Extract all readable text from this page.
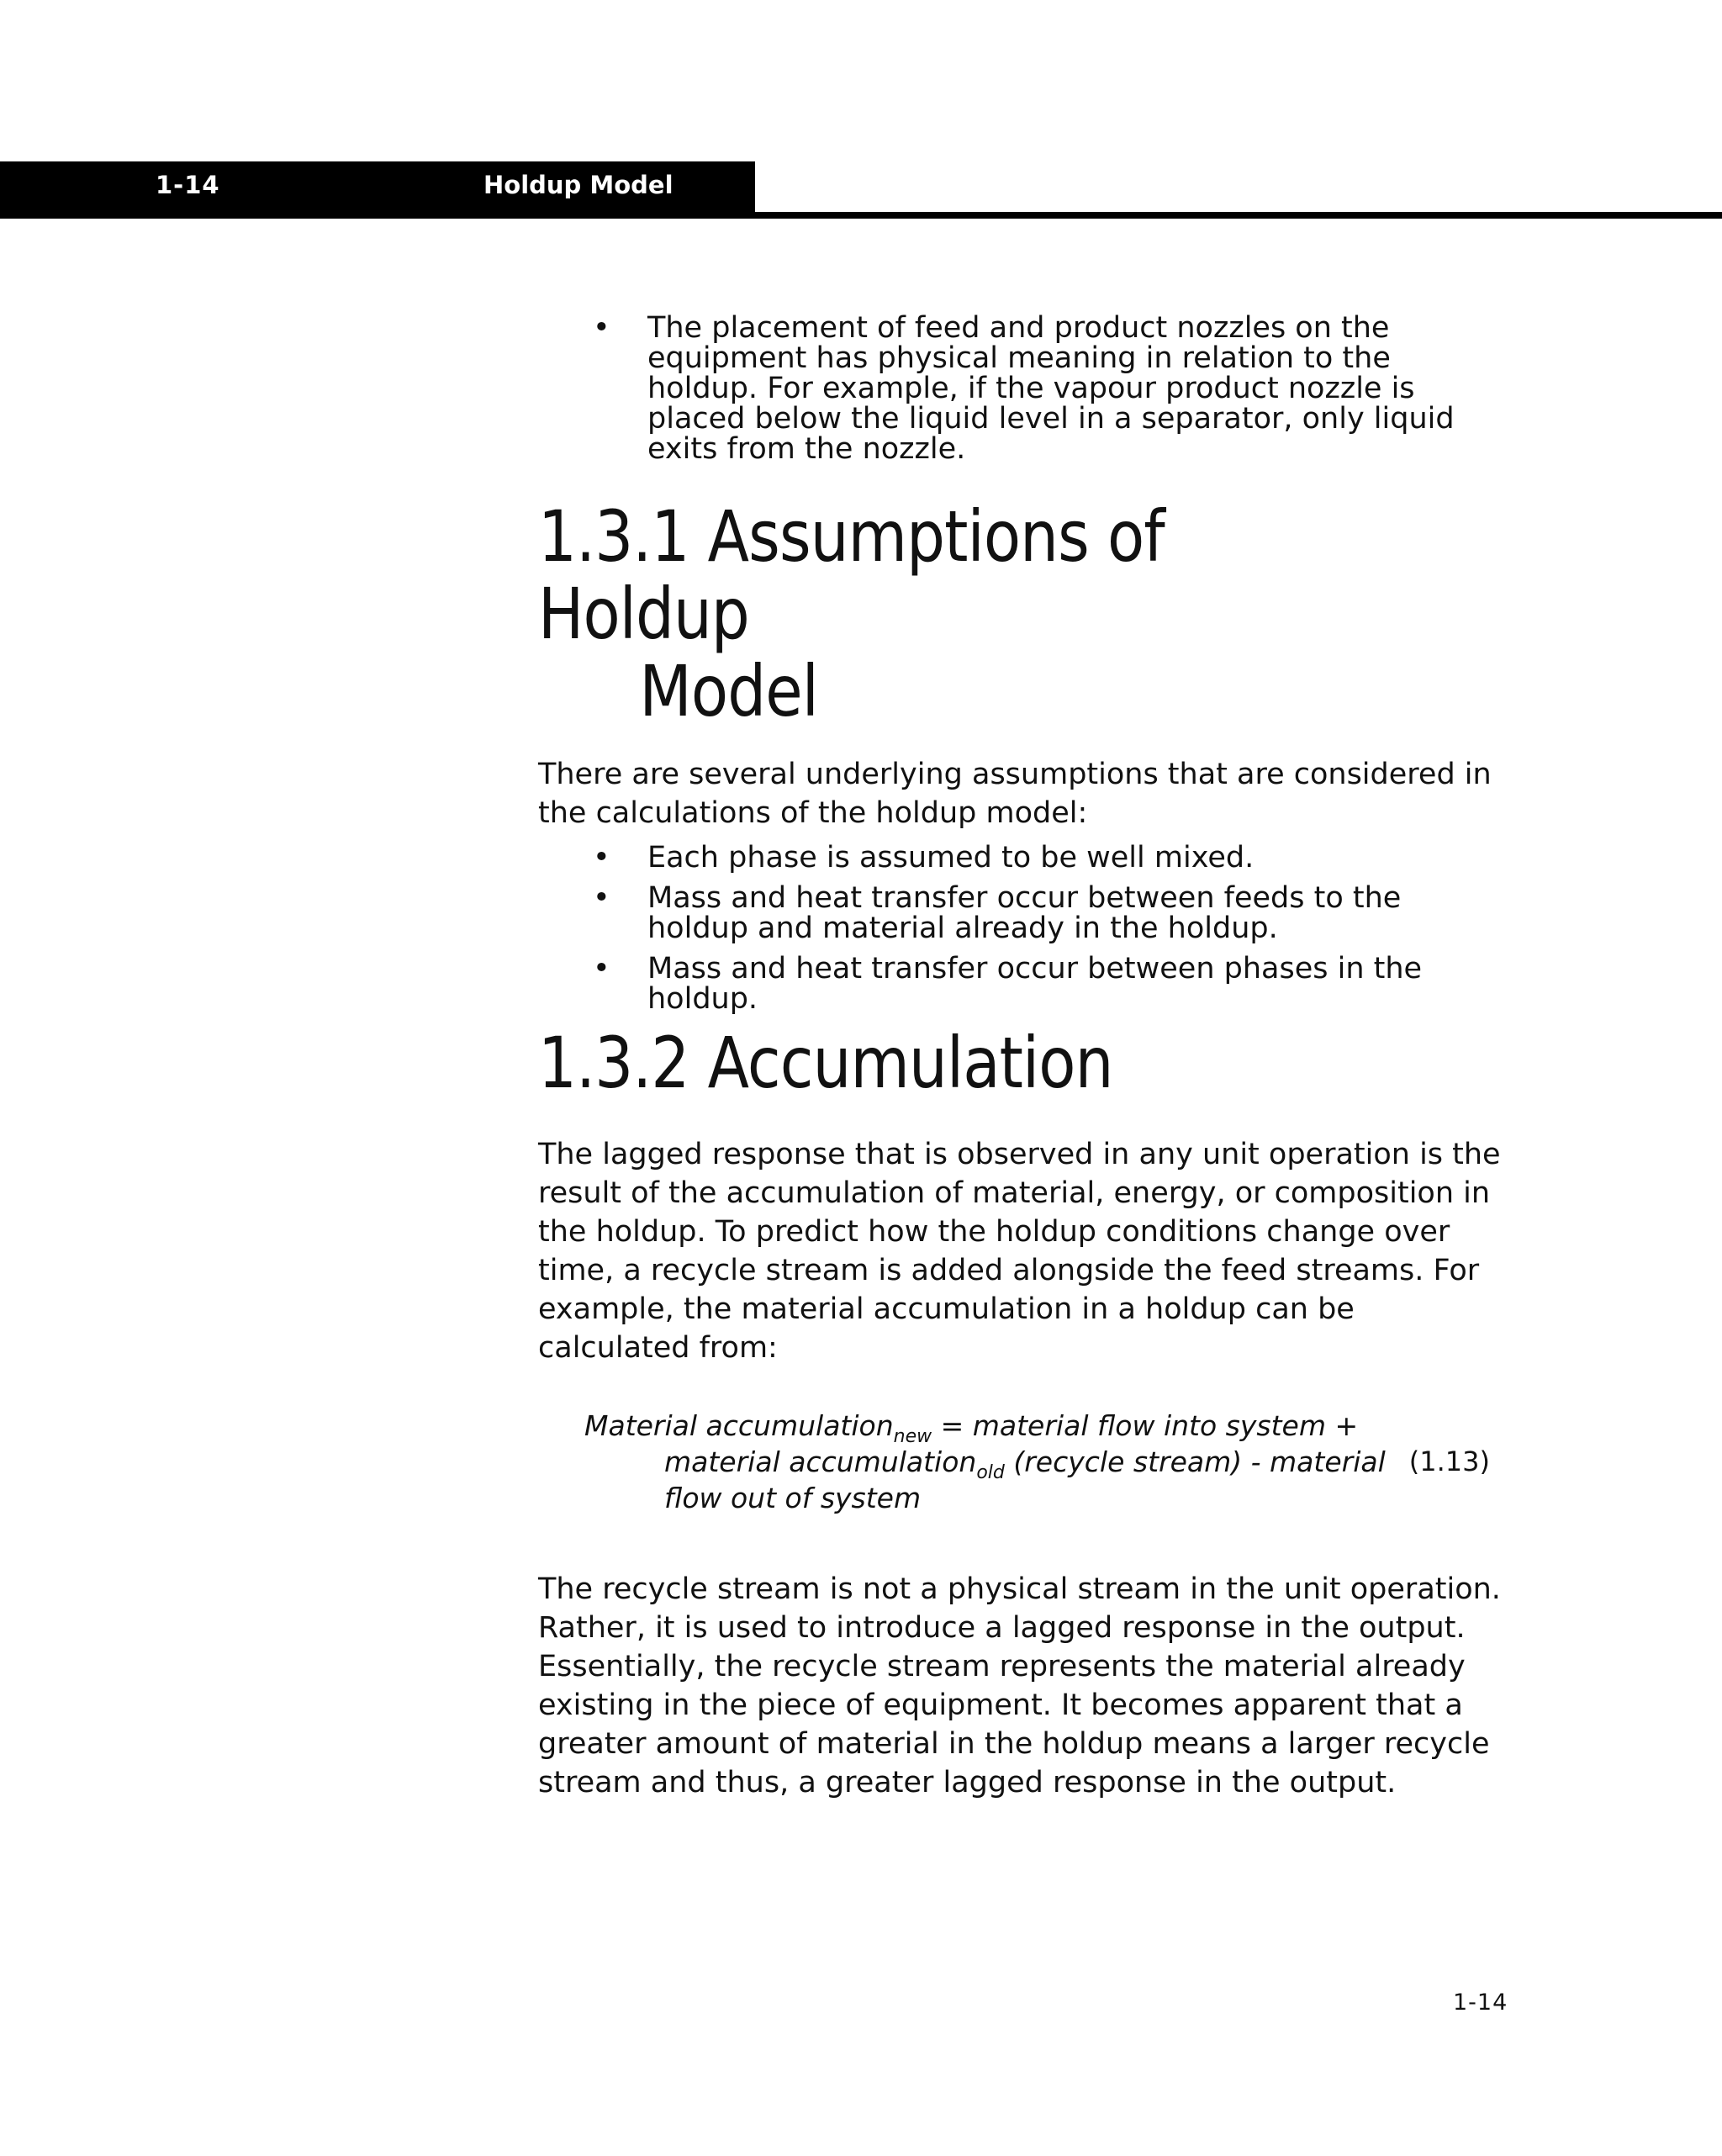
1-14	Holdup Model
• The placement of feed and product nozzles on the equipment has physical meaning in relation to the holdup. For example, if the vapour product nozzle is placed below the liquid level in a separator, only liquid exits from the nozzle.
1.3.1 Assumptions of Holdup
Model

There are several underlying assumptions that are considered in the calculations of the holdup model:

• Each phase is assumed to be well mixed.
• Mass and heat transfer occur between feeds to the holdup and material already in the holdup.
• Mass and heat transfer occur between phases in the holdup.
1.3.2 Accumulation

The lagged response that is observed in any unit operation is the result of the accumulation of material, energy, or composition in the holdup. To predict how the holdup conditions change over time, a recycle stream is added alongside the feed streams. For example, the material accumulation in a holdup can be calculated from:

Material accumulation$_{new}$ = material flow into system +
material accumulation$_{old}$ (recycle stream) - material
flow out of system
(1.13)

The recycle stream is not a physical stream in the unit operation. Rather, it is used to introduce a lagged response in the output. Essentially, the recycle stream represents the material already existing in the piece of equipment. It becomes apparent that a greater amount of material in the holdup means a larger recycle stream and thus, a greater lagged response in the output.

1-14
